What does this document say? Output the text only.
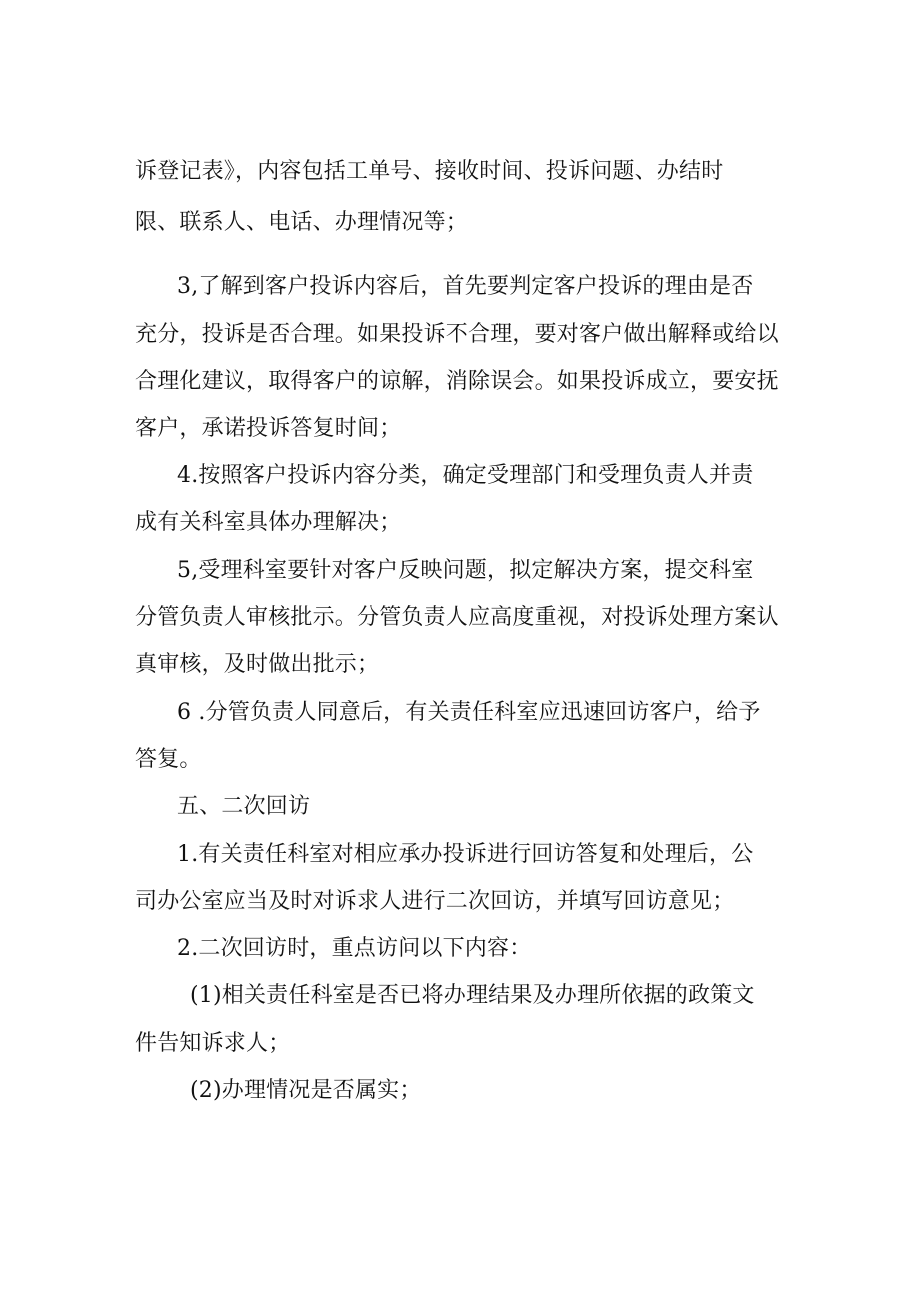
诉登记表》，内容包括工单号、接收时间、投诉问题、办结时
限、联系人、电话、办理情况等；
3,了解到客户投诉内容后，首先要判定客户投诉的理由是否
充分，投诉是否合理。如果投诉不合理，要对客户做出解释或给以
合理化建议，取得客户的谅解，消除误会。如果投诉成立，要安抚
客户，承诺投诉答复时间；
4.按照客户投诉内容分类，确定受理部门和受理负责人并责
成有关科室具体办理解决；
5,受理科室要针对客户反映问题，拟定解决方案，提交科室
分管负责人审核批示。分管负责人应高度重视，对投诉处理方案认
真审核，及时做出批示；
6 .分管负责人同意后，有关责任科室应迅速回访客户，给予
答复。
五、二次回访
1.有关责任科室对相应承办投诉进行回访答复和处理后，公
司办公室应当及时对诉求人进行二次回访，并填写回访意见；
2.二次回访时，重点访问以下内容：
(1)相关责任科室是否已将办理结果及办理所依据的政策文
件告知诉求人；
(2)办理情况是否属实；
